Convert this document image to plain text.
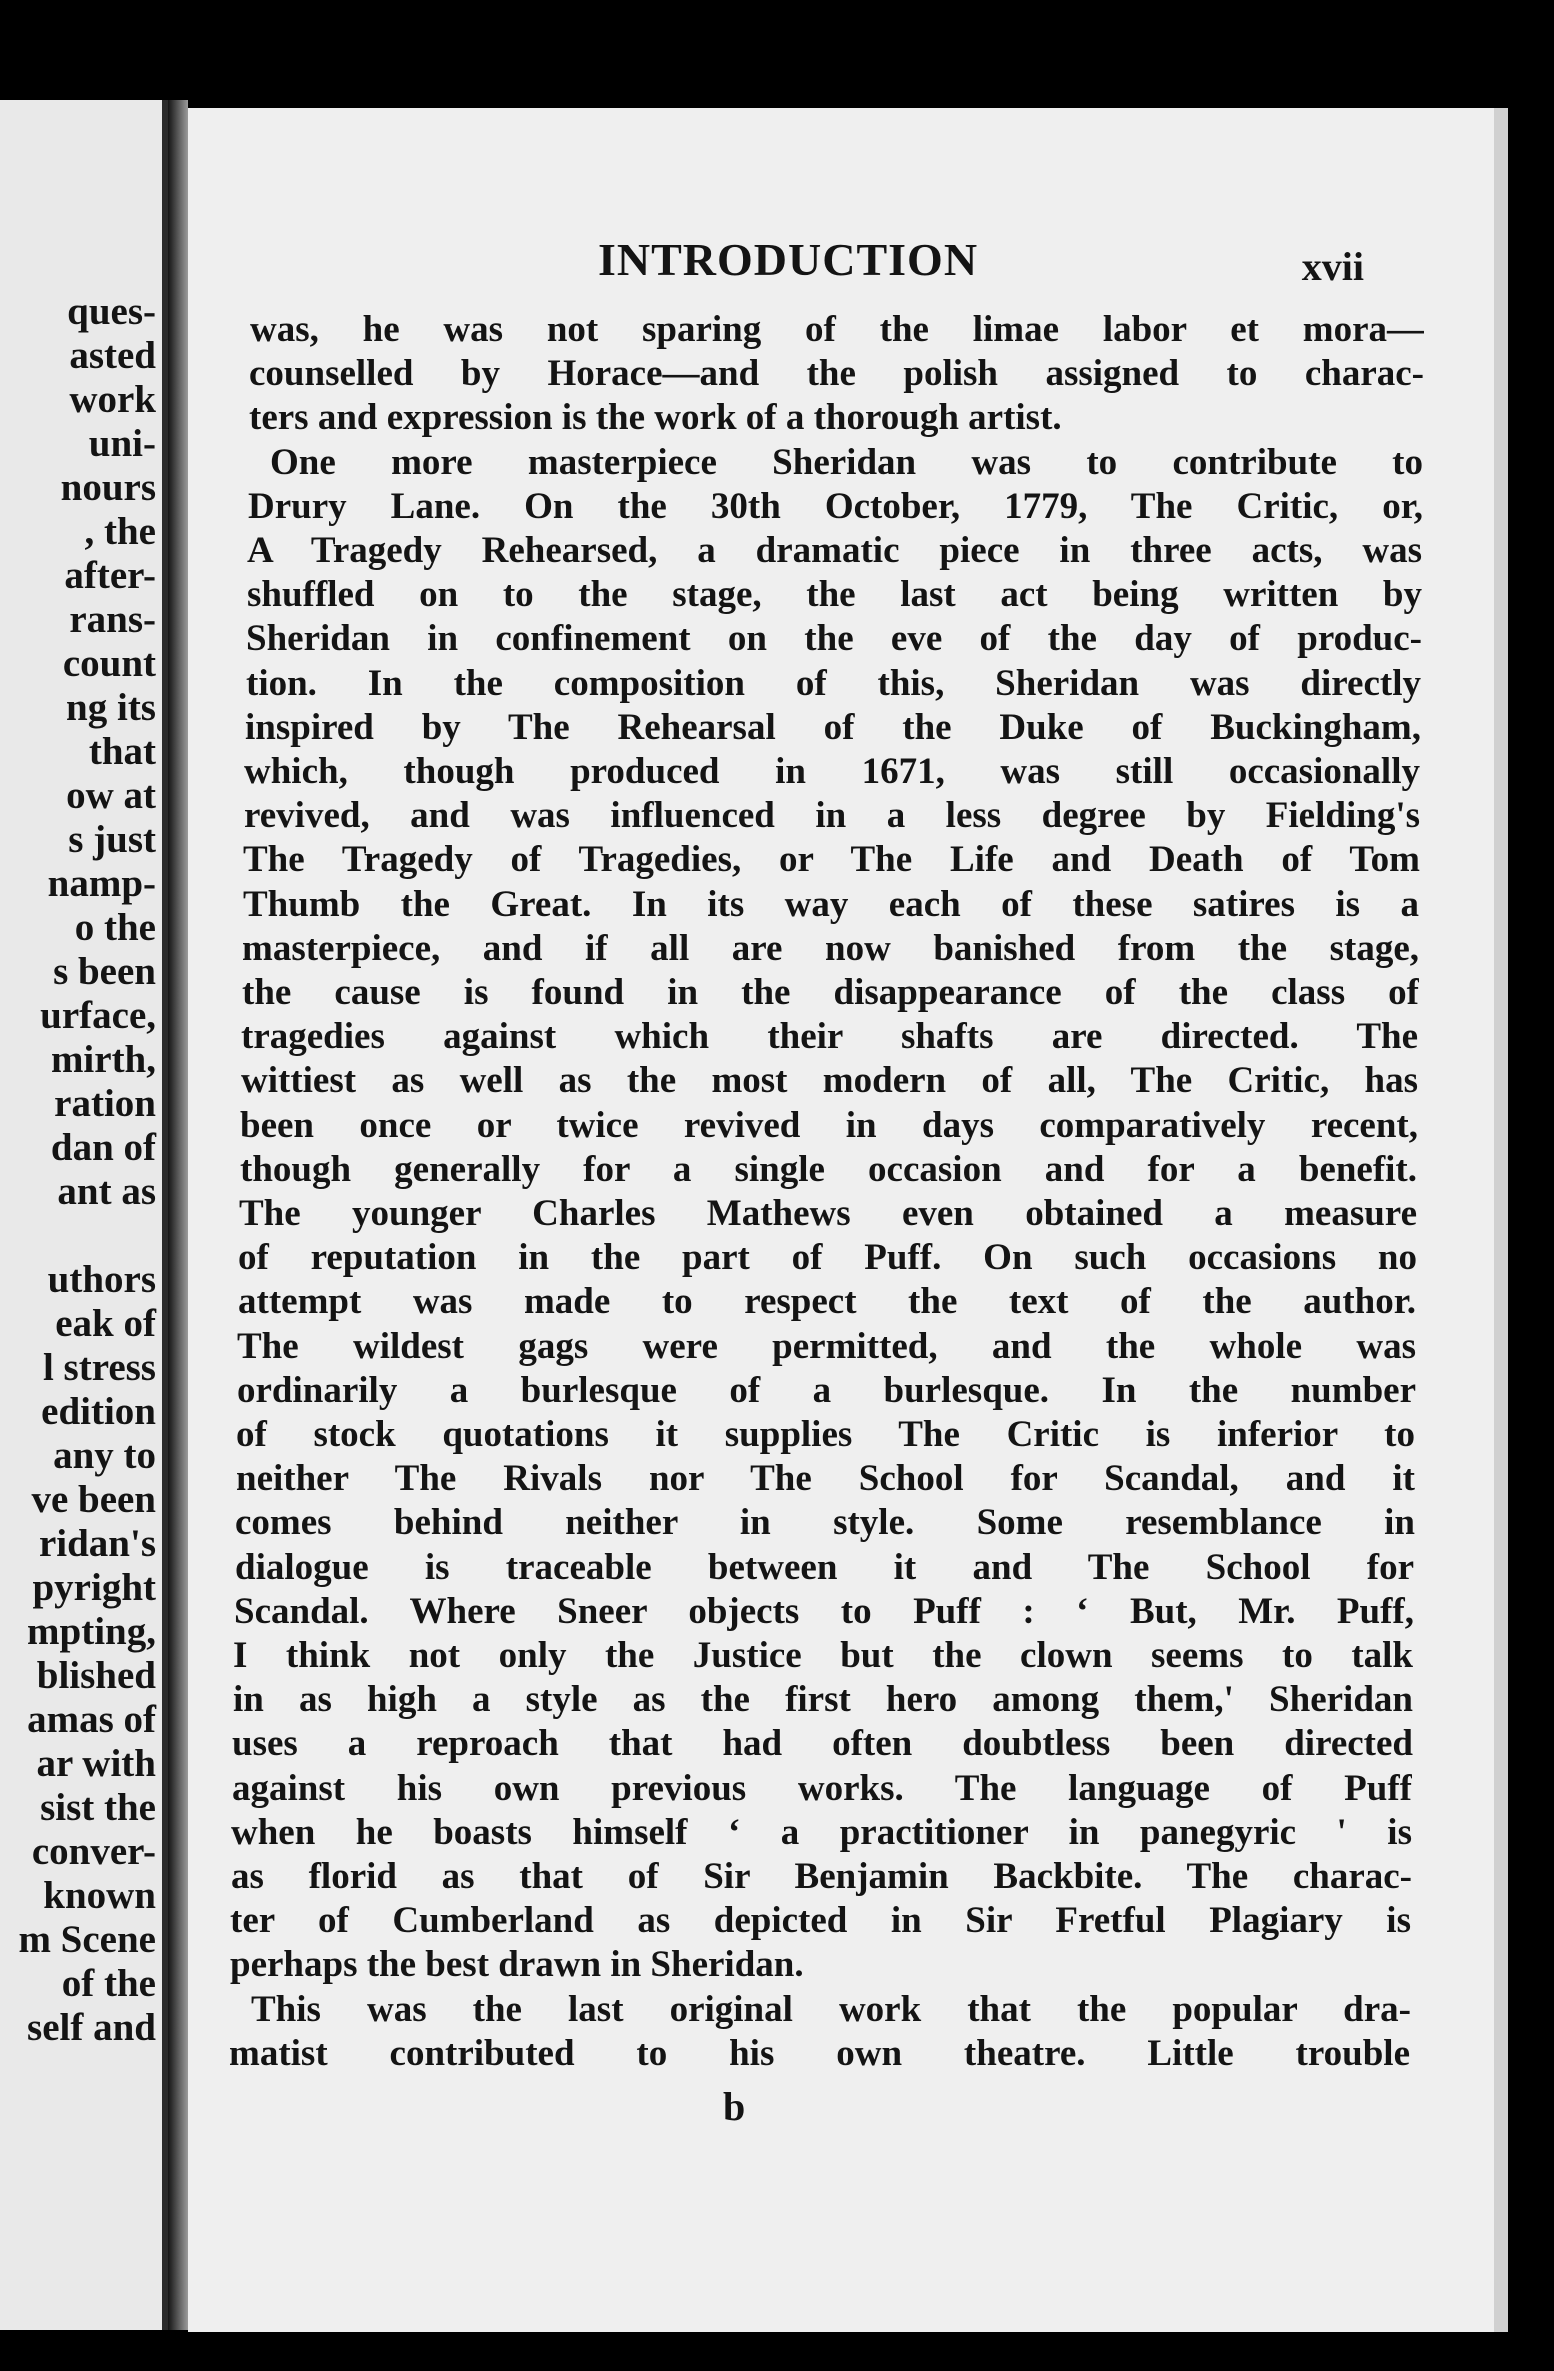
ques-
asted
work
uni-
nours
, the
after-
rans-
count
ng its
that
ow at
s just
namp-
o the
s been
urface,
mirth,
ration
dan of
ant as
uthors
eak of
l stress
edition
any to
ve been
ridan's
pyright
mpting,
blished
amas of
ar with
sist the
conver-
known
m Scene
of the
self and
INTRODUCTION	xvii
was, he was not sparing of the limae labor et mora—
counselled by Horace—and the polish assigned to charac-
ters and expression is the work of a thorough artist.
One more masterpiece Sheridan was to contribute to
Drury Lane. On the 30th October, 1779, The Critic, or,
A Tragedy Rehearsed, a dramatic piece in three acts, was
shuffled on to the stage, the last act being written by
Sheridan in confinement on the eve of the day of produc-
tion. In the composition of this, Sheridan was directly
inspired by The Rehearsal of the Duke of Buckingham,
which, though produced in 1671, was still occasionally
revived, and was influenced in a less degree by Fielding's
The Tragedy of Tragedies, or The Life and Death of Tom
Thumb the Great. In its way each of these satires is a
masterpiece, and if all are now banished from the stage,
the cause is found in the disappearance of the class of
tragedies against which their shafts are directed. The
wittiest as well as the most modern of all, The Critic, has
been once or twice revived in days comparatively recent,
though generally for a single occasion and for a benefit.
The younger Charles Mathews even obtained a measure
of reputation in the part of Puff. On such occasions no
attempt was made to respect the text of the author.
The wildest gags were permitted, and the whole was
ordinarily a burlesque of a burlesque. In the number
of stock quotations it supplies The Critic is inferior to
neither The Rivals nor The School for Scandal, and it
comes behind neither in style. Some resemblance in
dialogue is traceable between it and The School for
Scandal. Where Sneer objects to Puff : ‘ But, Mr. Puff,
I think not only the Justice but the clown seems to talk
in as high a style as the first hero among them,' Sheridan
uses a reproach that had often doubtless been directed
against his own previous works. The language of Puff
when he boasts himself ‘ a practitioner in panegyric ' is
as florid as that of Sir Benjamin Backbite. The charac-
ter of Cumberland as depicted in Sir Fretful Plagiary is
perhaps the best drawn in Sheridan.
This was the last original work that the popular dra-
matist contributed to his own theatre. Little trouble
b
